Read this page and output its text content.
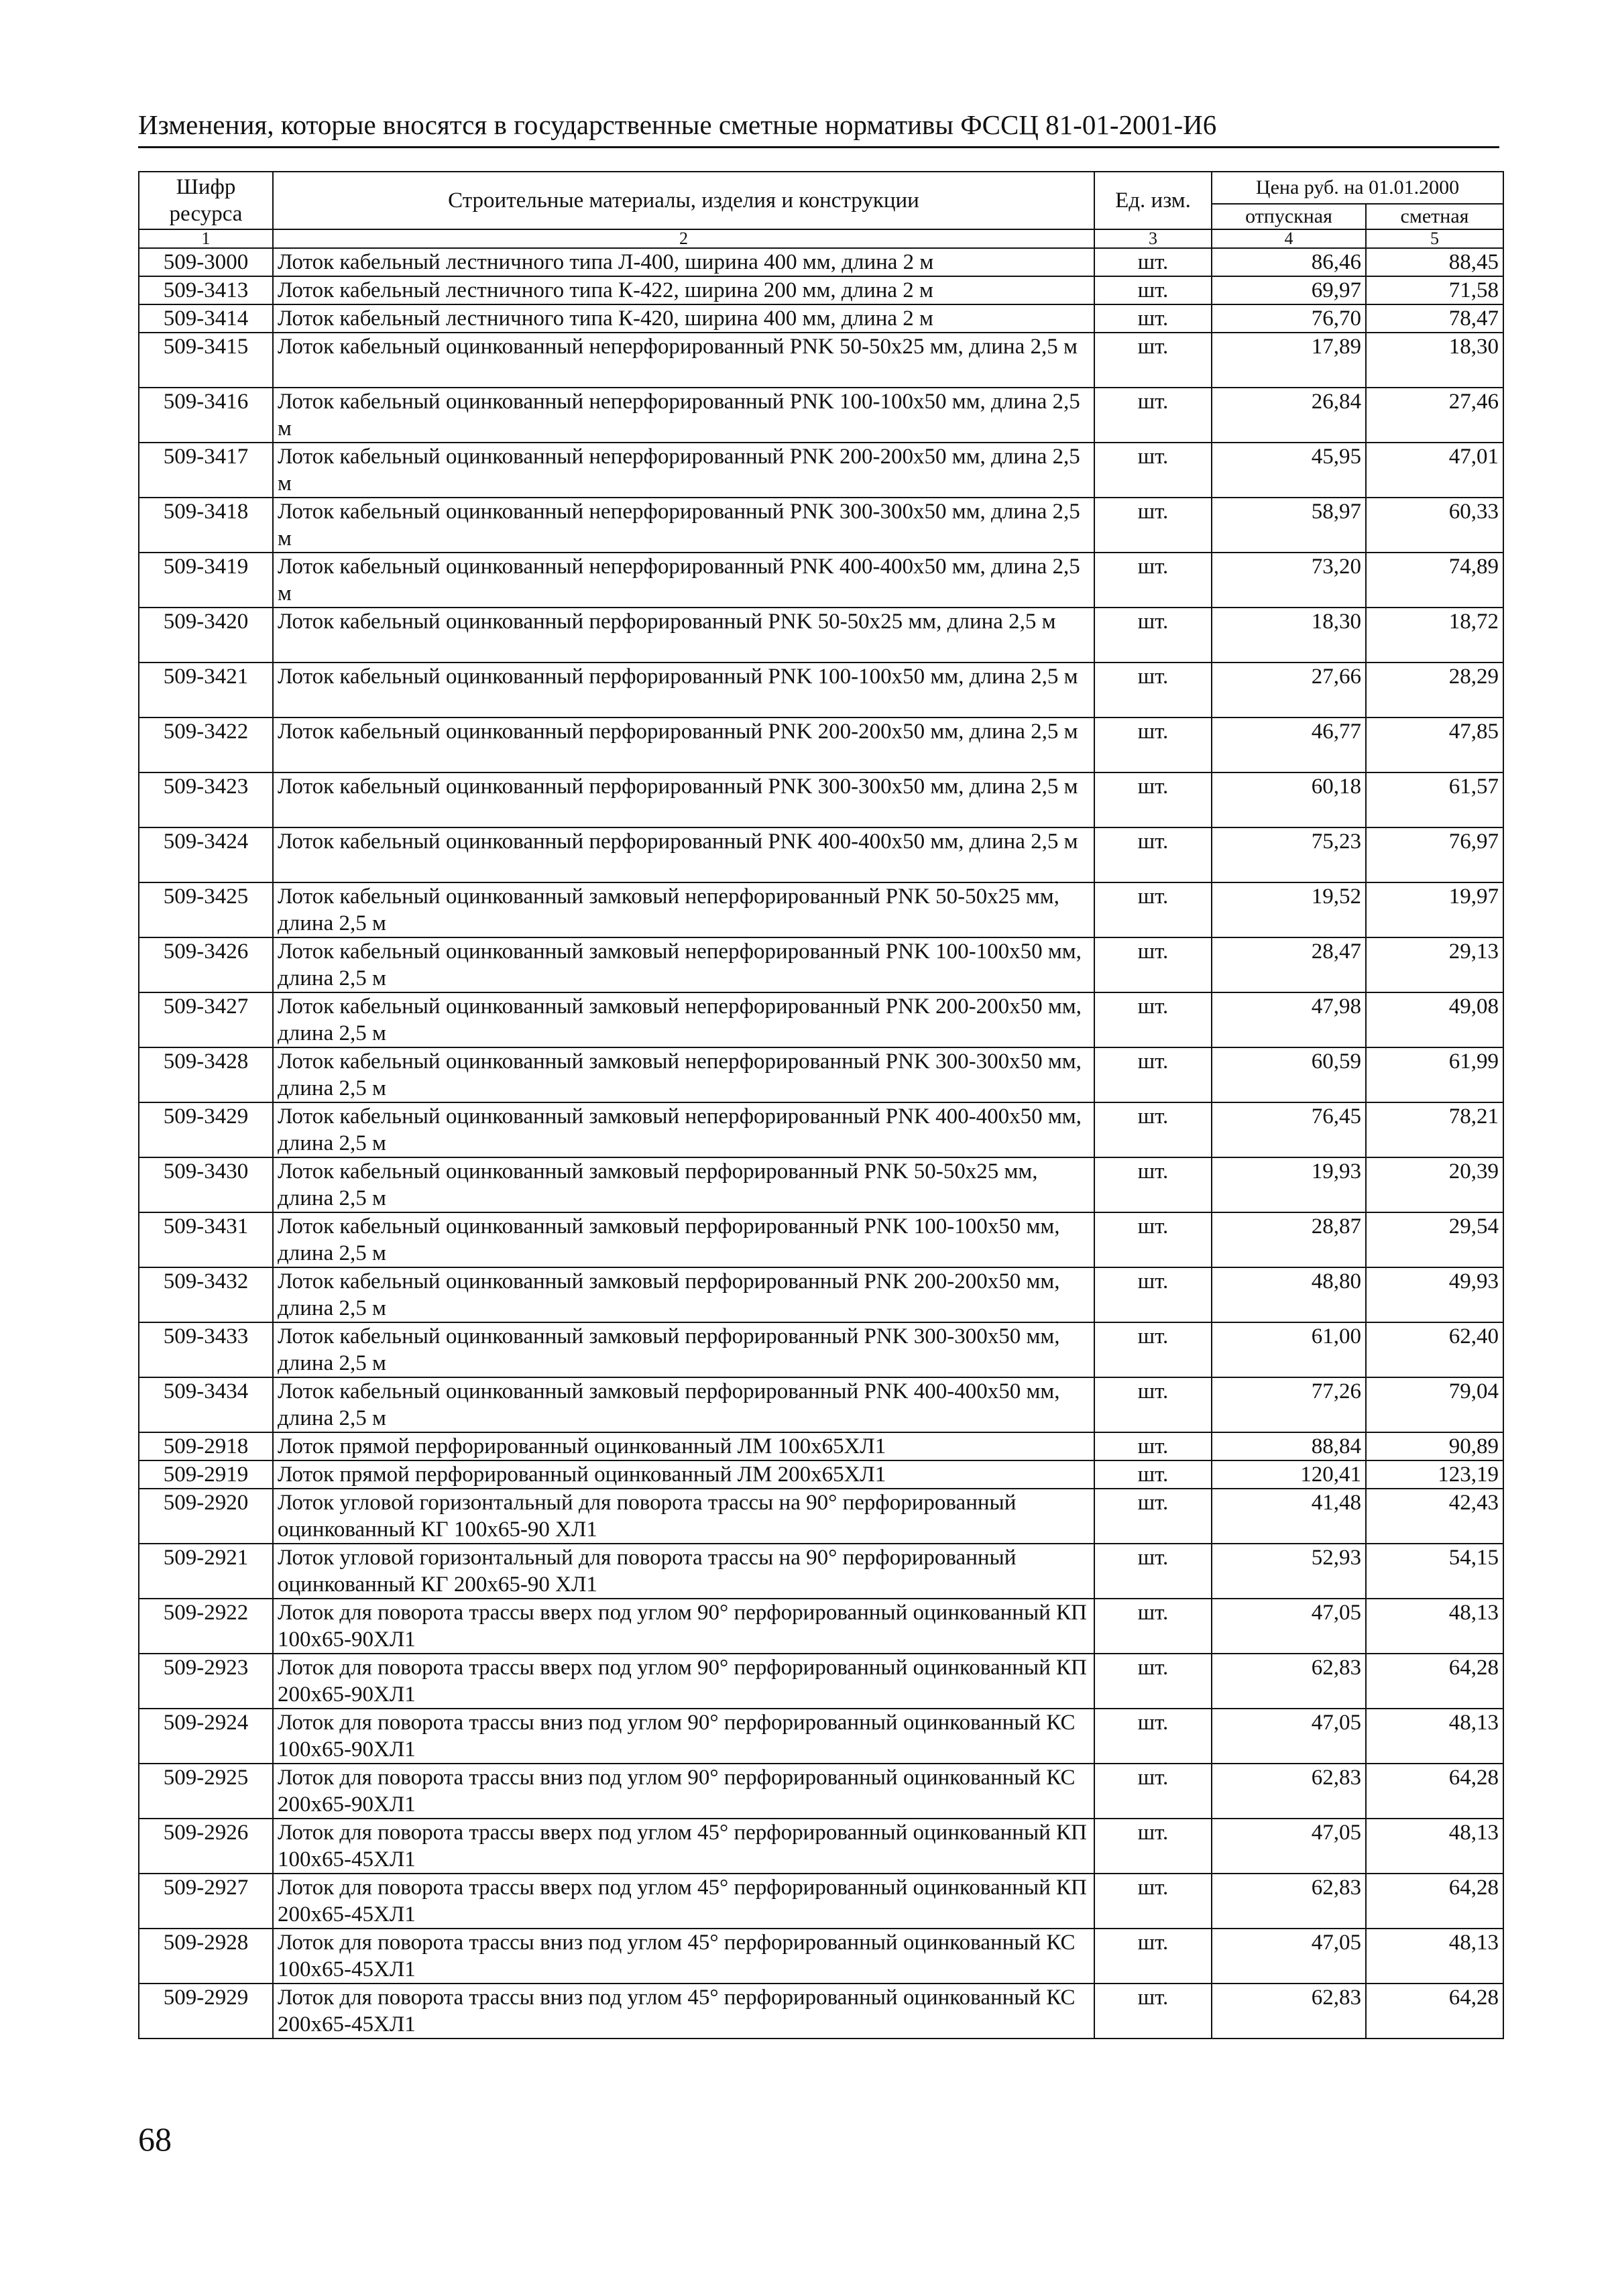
Изменения, которые вносятся в государственные сметные нормативы ФССЦ 81-01-2001-И6
Шифр ресурса	Строительные материалы, изделия и конструкции	Ед. изм.	Цена руб. на 01.01.2000	
			отпускная	сметная
1	2	3	4	5
509-3000	Лоток кабельный лестничного типа Л-400, ширина 400 мм, длина 2 м	шт.	86,46	88,45
509-3413	Лоток кабельный лестничного типа К-422, ширина 200 мм, длина 2 м	шт.	69,97	71,58
509-3414	Лоток кабельный лестничного типа К-420, ширина 400 мм, длина 2 м	шт.	76,70	78,47
509-3415	Лоток кабельный оцинкованный неперфорированный PNK 50-50x25 мм, длина 2,5 м	шт.	17,89	18,30
509-3416	Лоток кабельный оцинкованный неперфорированный PNK 100-100x50 мм, длина 2,5 м	шт.	26,84	27,46
509-3417	Лоток кабельный оцинкованный неперфорированный PNK 200-200x50 мм, длина 2,5 м	шт.	45,95	47,01
509-3418	Лоток кабельный оцинкованный неперфорированный PNK 300-300x50 мм, длина 2,5 м	шт.	58,97	60,33
509-3419	Лоток кабельный оцинкованный неперфорированный PNK 400-400x50 мм, длина 2,5 м	шт.	73,20	74,89
509-3420	Лоток кабельный оцинкованный перфорированный PNK 50-50x25 мм, длина 2,5 м	шт.	18,30	18,72
509-3421	Лоток кабельный оцинкованный перфорированный PNK 100-100x50 мм, длина 2,5 м	шт.	27,66	28,29
509-3422	Лоток кабельный оцинкованный перфорированный PNK 200-200x50 мм, длина 2,5 м	шт.	46,77	47,85
509-3423	Лоток кабельный оцинкованный перфорированный PNK 300-300x50 мм, длина 2,5 м	шт.	60,18	61,57
509-3424	Лоток кабельный оцинкованный перфорированный PNK 400-400x50 мм, длина 2,5 м	шт.	75,23	76,97
509-3425	Лоток кабельный оцинкованный замковый неперфорированный PNK 50-50x25 мм, длина 2,5 м	шт.	19,52	19,97
509-3426	Лоток кабельный оцинкованный замковый неперфорированный PNK 100-100x50 мм, длина 2,5 м	шт.	28,47	29,13
509-3427	Лоток кабельный оцинкованный замковый неперфорированный PNK 200-200x50 мм, длина 2,5 м	шт.	47,98	49,08
509-3428	Лоток кабельный оцинкованный замковый неперфорированный PNK 300-300x50 мм, длина 2,5 м	шт.	60,59	61,99
509-3429	Лоток кабельный оцинкованный замковый неперфорированный PNK 400-400x50 мм, длина 2,5 м	шт.	76,45	78,21
509-3430	Лоток кабельный оцинкованный замковый перфорированный PNK 50-50x25 мм, длина 2,5 м	шт.	19,93	20,39
509-3431	Лоток кабельный оцинкованный замковый перфорированный PNK 100-100x50 мм, длина 2,5 м	шт.	28,87	29,54
509-3432	Лоток кабельный оцинкованный замковый перфорированный PNK 200-200x50 мм, длина 2,5 м	шт.	48,80	49,93
509-3433	Лоток кабельный оцинкованный замковый перфорированный PNK 300-300x50 мм, длина 2,5 м	шт.	61,00	62,40
509-3434	Лоток кабельный оцинкованный замковый перфорированный PNK 400-400x50 мм, длина 2,5 м	шт.	77,26	79,04
509-2918	Лоток прямой перфорированный оцинкованный ЛМ 100x65ХЛ1	шт.	88,84	90,89
509-2919	Лоток прямой перфорированный оцинкованный ЛМ 200x65ХЛ1	шт.	120,41	123,19
509-2920	Лоток угловой горизонтальный для поворота трассы на 90° перфорированный оцинкованный КГ 100x65-90 ХЛ1	шт.	41,48	42,43
509-2921	Лоток угловой горизонтальный для поворота трассы на 90° перфорированный оцинкованный КГ 200x65-90 ХЛ1	шт.	52,93	54,15
509-2922	Лоток для поворота трассы вверх под углом 90° перфорированный оцинкованный КП 100x65-90ХЛ1	шт.	47,05	48,13
509-2923	Лоток для поворота трассы вверх под углом 90° перфорированный оцинкованный КП 200x65-90ХЛ1	шт.	62,83	64,28
509-2924	Лоток для поворота трассы вниз под углом 90° перфорированный оцинкованный КС 100x65-90ХЛ1	шт.	47,05	48,13
509-2925	Лоток для поворота трассы вниз под углом 90° перфорированный оцинкованный КС 200x65-90ХЛ1	шт.	62,83	64,28
509-2926	Лоток для поворота трассы вверх под углом 45° перфорированный оцинкованный КП 100x65-45ХЛ1	шт.	47,05	48,13
509-2927	Лоток для поворота трассы вверх под углом 45° перфорированный оцинкованный КП 200x65-45ХЛ1	шт.	62,83	64,28
509-2928	Лоток для поворота трассы вниз под углом 45° перфорированный оцинкованный КС 100x65-45ХЛ1	шт.	47,05	48,13
509-2929	Лоток для поворота трассы вниз под углом 45° перфорированный оцинкованный КС 200x65-45ХЛ1	шт.	62,83	64,28
68
